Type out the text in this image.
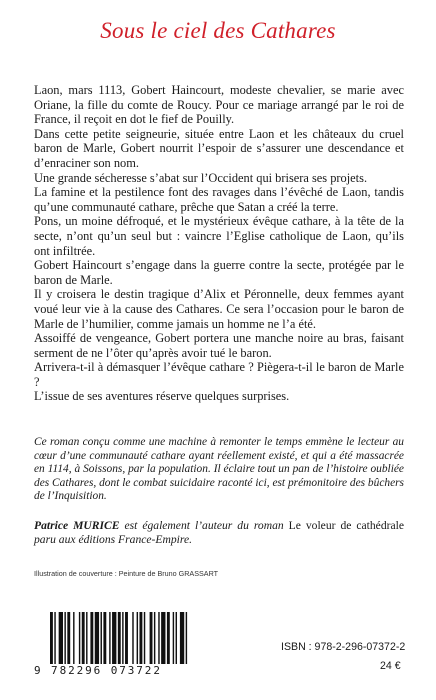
Sous le ciel des Cathares

Laon, mars 1113, Gobert Haincourt, modeste chevalier, se marie avec Oriane, la fille du comte de Roucy. Pour ce mariage arrangé par le roi de France, il reçoit en dot le fief de Pouilly.

Dans cette petite seigneurie, située entre Laon et les châteaux du cruel baron de Marle, Gobert nourrit l’espoir de s’assurer une descendance et d’enraciner son nom.

Une grande sécheresse s’abat sur l’Occident qui brisera ses projets.

La famine et la pestilence font des ravages dans l’évêché de Laon, tandis qu’une communauté cathare, prêche que Satan a créé la terre.

Pons, un moine défroqué, et le mystérieux évêque cathare, à la tête de la secte, n’ont qu’un seul but : vaincre l’Eglise catholique de Laon, qu’ils ont infiltrée.

Gobert Haincourt s’engage dans la guerre contre la secte, protégée par le baron de Marle.

Il y croisera le destin tragique d’Alix et Péronnelle, deux femmes ayant voué leur vie à la cause des Cathares. Ce sera l’occasion pour le baron de Marle de l’humilier, comme jamais un homme ne l’a été.

Assoiffé de vengeance, Gobert portera une manche noire au bras, faisant serment de ne l’ôter qu’après avoir tué le baron.

Arrivera-t-il à démasquer l’évêque cathare ? Piègera-t-il le baron de Marle ?

L’issue de ses aventures réserve quelques surprises.

Ce roman conçu comme une machine à remonter le temps emmène le lecteur au cœur d’une communauté cathare ayant réellement existé, et qui a été massacrée en 1114, à Soissons, par la population. Il éclaire tout un pan de l’histoire oubliée des Cathares, dont le combat suicidaire raconté ici, est prémonitoire des bûchers de l’Inquisition.

Patrice MURICE est également l’auteur du roman Le voleur de cathédrale paru aux éditions France-Empire.
Illustration de couverture : Peinture de Bruno GRASSART
9 782296 073722
ISBN : 978-2-296-07372-2
24 €
